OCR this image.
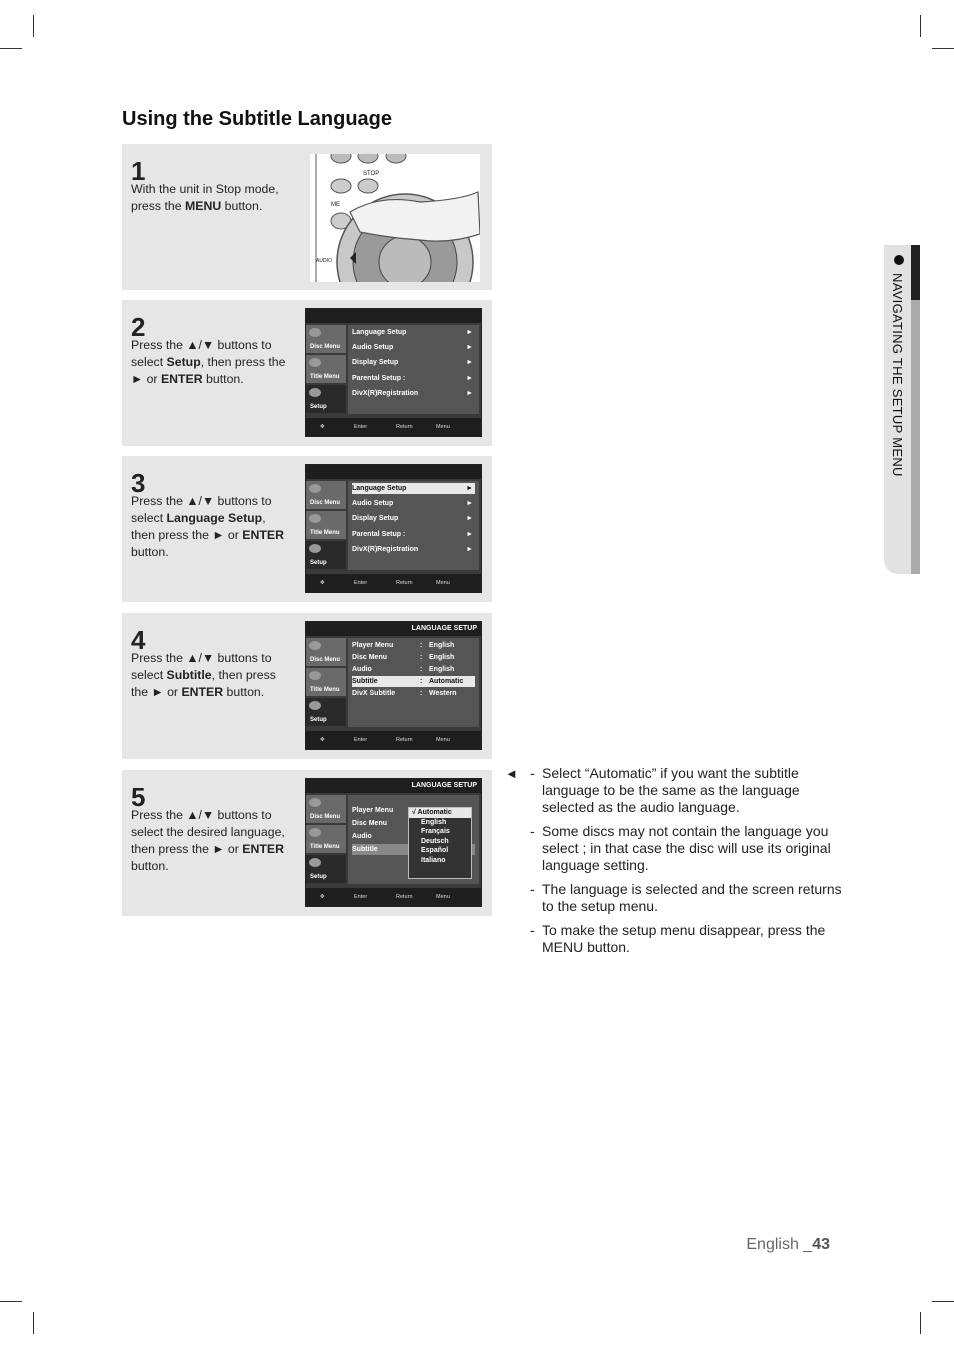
Using the Subtitle Language
1
With the unit in Stop mode, press the MENU button.
STOP
ME
AUDIO
2
Press the ▲/▼ buttons to select Setup, then press the ► or ENTER button.
Disc Menu
Title Menu
Setup
Language Setup	►
Audio Setup	►
Display Setup	►
Parental Setup :	►
DivX(R)Registration	►
✥	Enter	Return	Menu
3
Press the ▲/▼ buttons to select Language Setup, then press the ► or ENTER button.
Disc Menu
Title Menu
Setup
Language Setup	►
Audio Setup	►
Display Setup	►
Parental Setup :	►
DivX(R)Registration	►
✥	Enter	Return	Menu
4
Press the ▲/▼ buttons to select Subtitle, then press the ► or ENTER button.
LANGUAGE SETUP
Disc Menu
Title Menu
Setup
Player Menu	: English
Disc Menu	: English
Audio	: English
Subtitle	: Automatic
DivX Subtitle	: Western
✥	Enter	Return	Menu
5
Press the ▲/▼ buttons to select the desired language, then press the ► or ENTER button.
LANGUAGE SETUP
Disc Menu
Title Menu
Setup
Player Menu
Disc Menu
Audio
Subtitle
√ Automatic
English
Français
Deutsch
Español
Italiano
✥	Enter	Return	Menu
NAVIGATING THE SETUP MENU
◄ - Select “Automatic” if you want the subtitle language to be the same as the language selected as the audio language.
- Some discs may not contain the language you select ; in that case the disc will use its original language setting.
- The language is selected and the screen returns to the setup menu.
- To make the setup menu disappear, press the MENU button.
English _43
